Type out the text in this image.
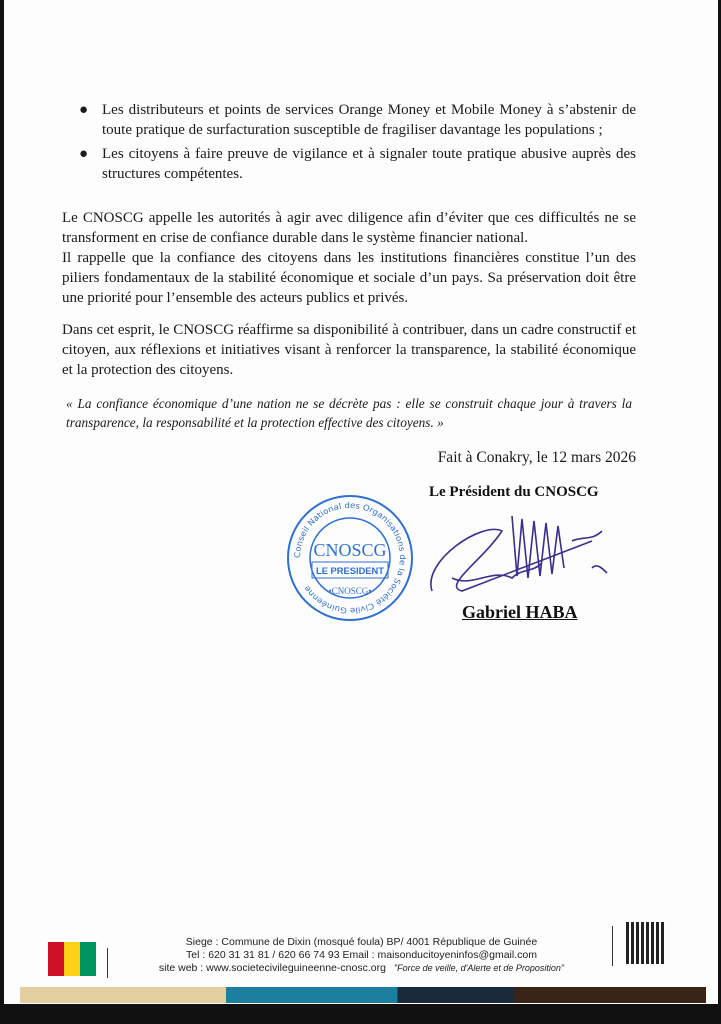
● Les distributeurs et points de services Orange Money et Mobile Money à s’abstenir de toute pratique de surfacturation susceptible de fragiliser davantage les populations ;
● Les citoyens à faire preuve de vigilance et à signaler toute pratique abusive auprès des structures compétentes.

Le CNOSCG appelle les autorités à agir avec diligence afin d’éviter que ces difficultés ne se transforment en crise de confiance durable dans le système financier national.

Il rappelle que la confiance des citoyens dans les institutions financières constitue l’un des piliers fondamentaux de la stabilité économique et sociale d’un pays. Sa préservation doit être une priorité pour l’ensemble des acteurs publics et privés.

Dans cet esprit, le CNOSCG réaffirme sa disponibilité à contribuer, dans un cadre constructif et citoyen, aux réflexions et initiatives visant à renforcer la transparence, la stabilité économique et la protection des citoyens.

« La confiance économique d’une nation ne se décrète pas : elle se construit chaque jour à travers la transparence, la responsabilité et la protection effective des citoyens. »

Fait à Conakry, le 12 mars 2026

Conseil National des Organisations de la Société Civile Guinéenne
CNOSCG
LE PRESIDENT
•CNOSCG•
Le Président du CNOSCG
Gabriel HABA
Siege : Commune de Dixin (mosqué foula) BP/ 4001 République de Guinée
Tel : 620 31 31 81 / 620 66 74 93 Email : maisonducitoyeninfos@gmail.com
site web : www.societecivileguineenne-cnosc.org "Force de veille, d'Alerte et de Proposition"
